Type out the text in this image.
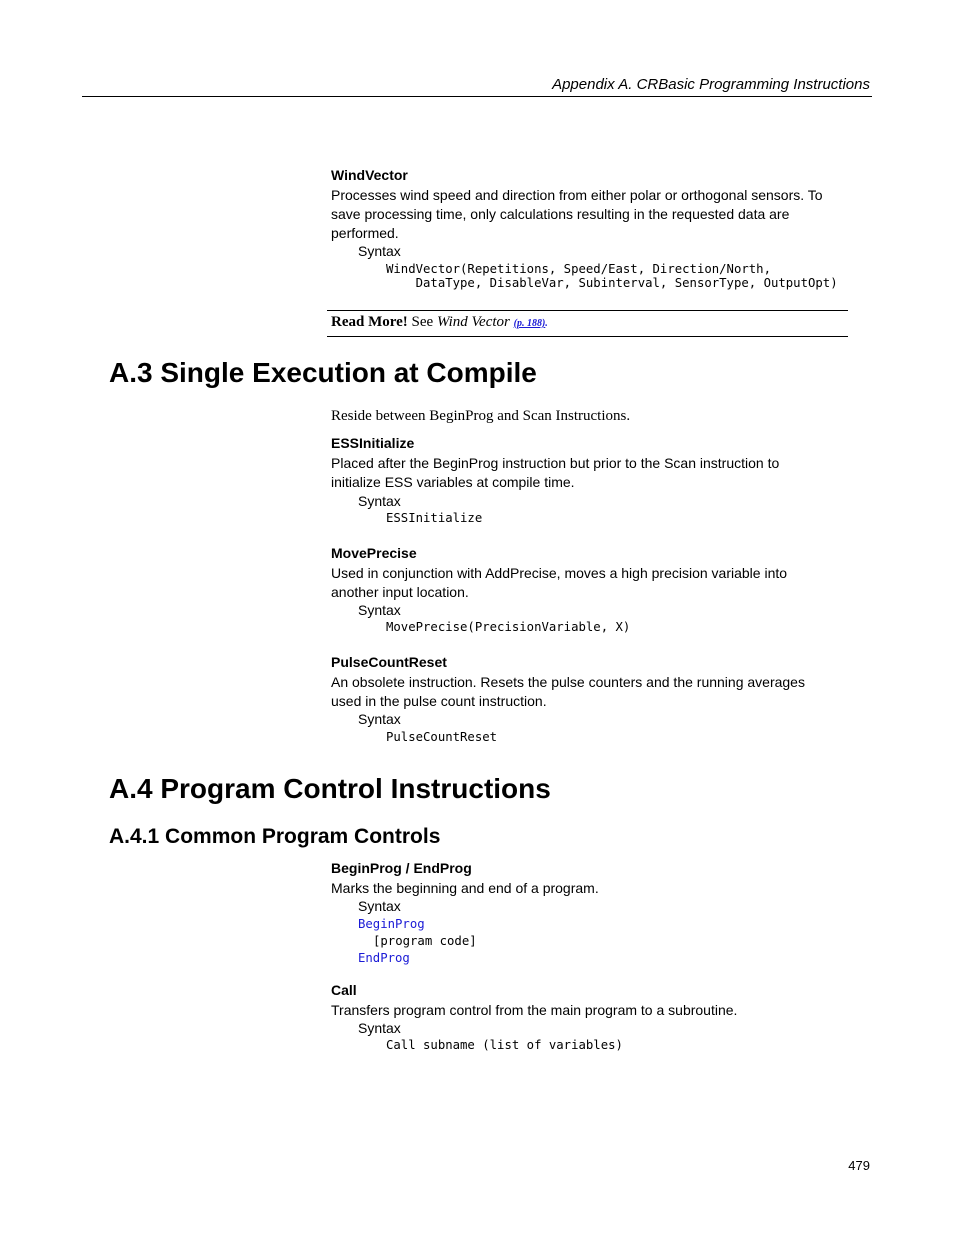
Appendix A. CRBasic Programming Instructions
WindVector
Processes wind speed and direction from either polar or orthogonal sensors. To
save processing time, only calculations resulting in the requested data are
performed.
Syntax
WindVector(Repetitions, Speed/East, Direction/North,
DataType, DisableVar, Subinterval, SensorType, OutputOpt)
Read More! See Wind Vector (p. 188).
A.3 Single Execution at Compile
Reside between BeginProg and Scan Instructions.
ESSInitialize
Placed after the BeginProg instruction but prior to the Scan instruction to
initialize ESS variables at compile time.
Syntax
ESSInitialize
MovePrecise
Used in conjunction with AddPrecise, moves a high precision variable into
another input location.
Syntax
MovePrecise(PrecisionVariable, X)
PulseCountReset
An obsolete instruction. Resets the pulse counters and the running averages
used in the pulse count instruction.
Syntax
PulseCountReset
A.4 Program Control Instructions
A.4.1 Common Program Controls
BeginProg / EndProg
Marks the beginning and end of a program.
Syntax
BeginProg
[program code]
EndProg
Call
Transfers program control from the main program to a subroutine.
Syntax
Call subname (list of variables)
479
